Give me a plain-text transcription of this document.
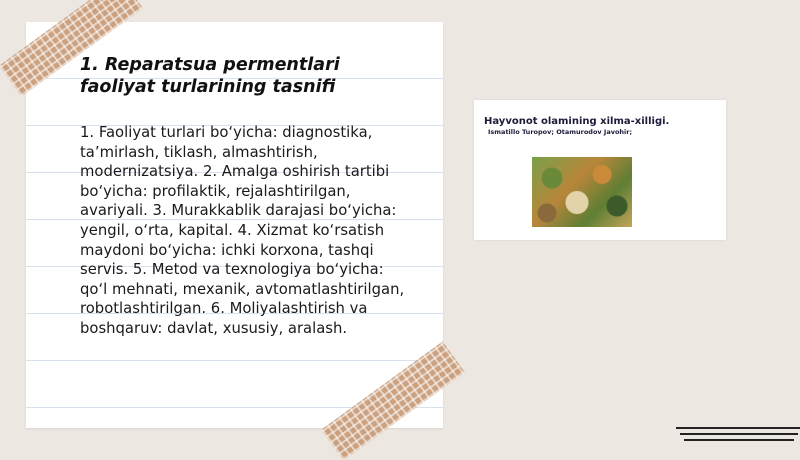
1. Reparatsua permentlari faoliyat turlarining tasnifi
1. Faoliyat turlari bo‘yicha: diagnostika, ta’mirlash, tiklash, almashtirish, modernizatsiya. 2. Amalga oshirish tartibi bo‘yicha: profilaktik, rejalashtirilgan, avariyali. 3. Murakkablik darajasi bo‘yicha: yengil, o‘rta, kapital. 4. Xizmat ko‘rsatish maydoni bo‘yicha: ichki korxona, tashqi servis. 5. Metod va texnologiya bo‘yicha: qo‘l mehnati, mexanik, avtomatlashtirilgan, robotlashtirilgan. 6. Moliyalashtirish va boshqaruv: davlat, xususiy, aralash.
Hayvonot olamining xilma-xilligi.
Ismatillo Turopov; Otamurodov Javohir;
